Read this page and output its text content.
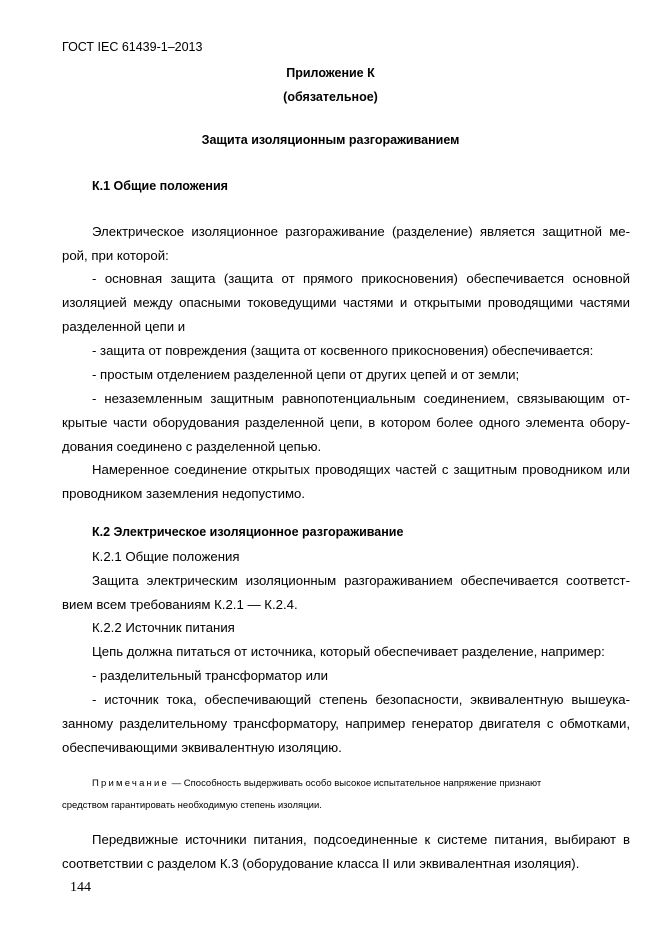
ГОСТ IEC 61439-1–2013
Приложение К
(обязательное)
Защита изоляционным разгораживанием
К.1 Общие положения
Электрическое изоляционное разгораживание (разделение) является защитной ме-
рой, при которой:
- основная защита (защита от прямого прикосновения) обеспечивается основной
изоляцией между опасными токоведущими частями и открытыми проводящими частями
разделенной цепи и
- защита от повреждения (защита от косвенного прикосновения) обеспечивается:
- простым отделением разделенной цепи от других цепей и от земли;
- незаземленным защитным равнопотенциальным соединением, связывающим от-
крытые части оборудования разделенной цепи, в котором более одного элемента обору-
дования соединено с разделенной цепью.
Намеренное соединение открытых проводящих частей с защитным проводником или
проводником заземления недопустимо.
К.2 Электрическое изоляционное разгораживание
К.2.1 Общие положения
Защита электрическим изоляционным разгораживанием обеспечивается соответст-
вием всем требованиям К.2.1 — К.2.4.
К.2.2 Источник питания
Цепь должна питаться от источника, который обеспечивает разделение, например:
- разделительный трансформатор или
- источник тока, обеспечивающий степень безопасности, эквивалентную вышеука-
занному разделительному трансформатору, например генератор двигателя с обмотками,
обеспечивающими эквивалентную изоляцию.
Примечание — Способность выдерживать особо высокое испытательное напряжение признают
средством гарантировать необходимую степень изоляции.
Передвижные источники питания, подсоединенные к системе питания, выбирают в
соответствии с разделом К.3 (оборудование класса II или эквивалентная изоляция).
144
